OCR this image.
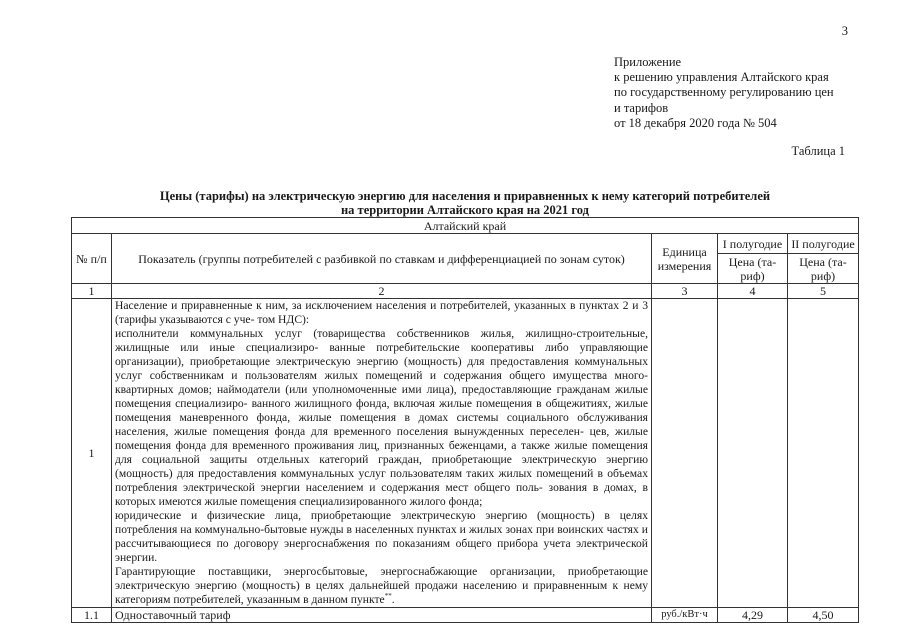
3
Приложение
к решению управления Алтайского края
по государственному регулированию цен
и тарифов
от 18 декабря 2020 года № 504
Таблица 1
Цены (тарифы) на электрическую энергию для населения и приравненных к нему категорий потребителей
на территории Алтайского края на 2021 год
Алтайский край				
№ п/п	Показатель (группы потребителей с разбивкой по ставкам и дифференциацией по зонам суток)	Единица измерения	I полугодие	II полугодие
			Цена (та- риф)	Цена (та- риф)
1	2	3	4	5
1	Население и приравненные к ним, за исключением населения и потребителей, указанных в пунктах 2 и 3 (тарифы указываются с уче- том НДС):

исполнители коммунальных услуг (товарищества собственников жилья, жилищно-строительные, жилищные или иные специализиро- ванные потребительские кооперативы либо управляющие организации), приобретающие электрическую энергию (мощность) для предоставления коммунальных услуг собственникам и пользователям жилых помещений и содержания общего имущества много- квартирных домов; наймодатели (или уполномоченные ими лица), предоставляющие гражданам жилые помещения специализиро- ванного жилищного фонда, включая жилые помещения в общежитиях, жилые помещения маневренного фонда, жилые помещения в домах системы социального обслуживания населения, жилые помещения фонда для временного поселения вынужденных переселен- цев, жилые помещения фонда для временного проживания лиц, признанных беженцами, а также жилые помещения для социальной защиты отдельных категорий граждан, приобретающие электрическую энергию (мощность) для предоставления коммунальных услуг пользователям таких жилых помещений в объемах потребления электрической энергии населением и содержания мест общего поль- зования в домах, в которых имеются жилые помещения специализированного жилого фонда;

юридические и физические лица, приобретающие электрическую энергию (мощность) в целях потребления на коммунально-бытовые нужды в населенных пунктах и жилых зонах при воинских частях и рассчитывающиеся по договору энергоснабжения по показаниям общего прибора учета электрической энергии.

Гарантирующие поставщики, энергосбытовые, энергоснабжающие организации, приобретающие электрическую энергию (мощность) в целях дальнейшей продажи населению и приравненным к нему категориям потребителей, указанным в данном пункте**.			

1.1	Одноставочный тариф	руб./кВт·ч	4,29	4,50
